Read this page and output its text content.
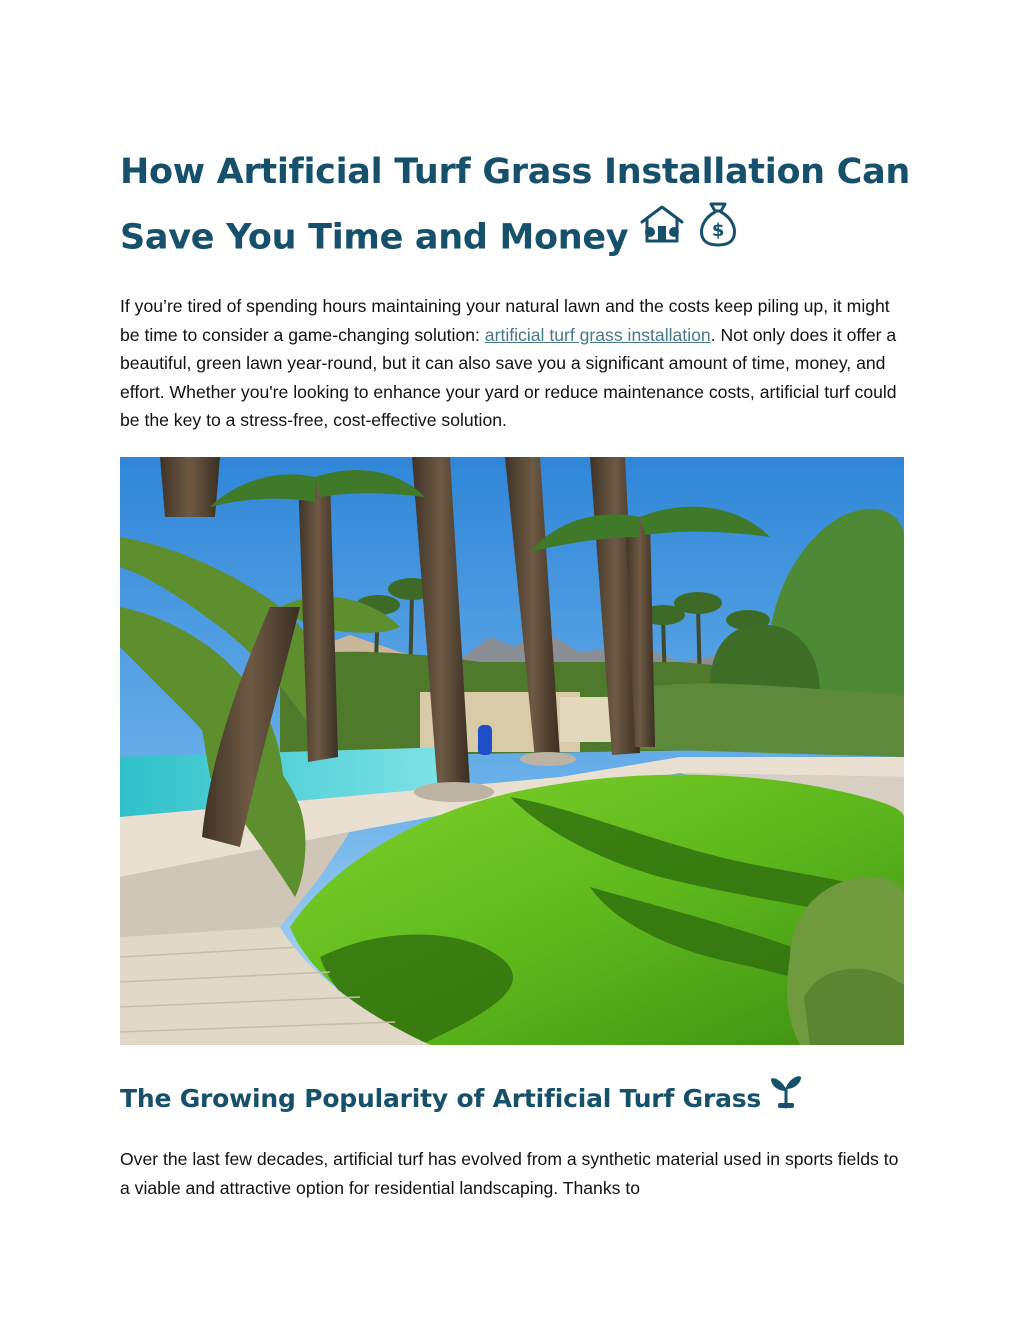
How Artificial Turf Grass Installation Can Save You Time and Money	$

If you’re tired of spending hours maintaining your natural lawn and the costs keep piling up, it might be time to consider a game-changing solution: artificial turf grass installation. Not only does it offer a beautiful, green lawn year-round, but it can also save you a significant amount of time, money, and effort. Whether you're looking to enhance your yard or reduce maintenance costs, artificial turf could be the key to a stress-free, cost-effective solution.

The Growing Popularity of Artificial Turf Grass

Over the last few decades, artificial turf has evolved from a synthetic material used in sports fields to a viable and attractive option for residential landscaping. Thanks to
